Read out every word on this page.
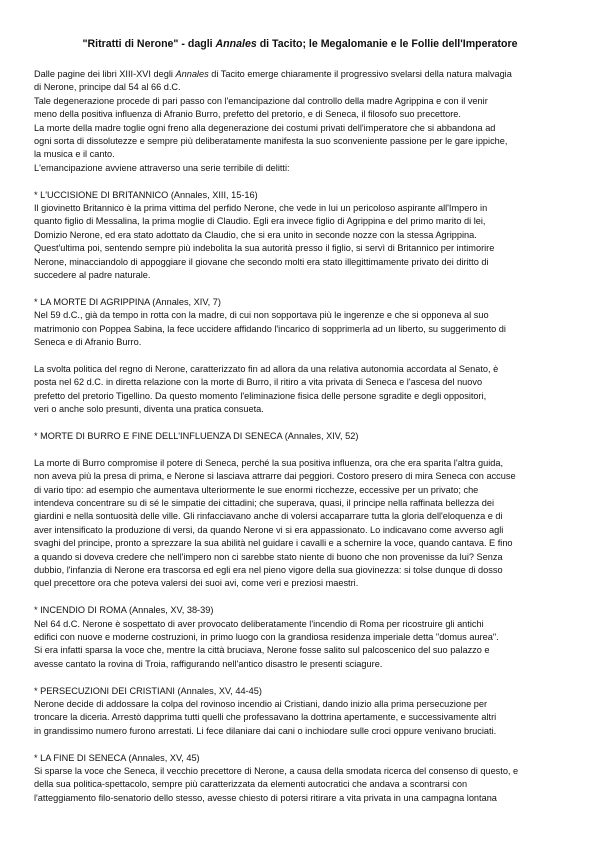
"Ritratti di Nerone" - dagli Annales di Tacito; le Megalomanie e le Follie dell'Imperatore

Dalle pagine dei libri XIII-XVI degli Annales di Tacito emerge chiaramente il progressivo svelarsi della natura malvagia
di Nerone, principe dal 54 al 66 d.C.
Tale degenerazione procede di pari passo con l'emancipazione dal controllo della madre Agrippina e con il venir
meno della positiva influenza di Afranio Burro, prefetto del pretorio, e di Seneca, il filosofo suo precettore.
La morte della madre toglie ogni freno alla degenerazione dei costumi privati dell'imperatore che si abbandona ad
ogni sorta di dissolutezze e sempre più deliberatamente manifesta la suo sconveniente passione per le gare ippiche,
la musica e il canto.
L'emancipazione avviene attraverso una serie terribile di delitti:

* L'UCCISIONE DI BRITANNICO (Annales, XIII, 15-16)
Il giovinetto Britannico è la prima vittima del perfido Nerone, che vede in lui un pericoloso aspirante all'Impero in
quanto figlio di Messalina, la prima moglie di Claudio. Egli era invece figlio di Agrippina e del primo marito di lei,
Domizio Nerone, ed era stato adottato da Claudio, che si era unito in seconde nozze con la stessa Agrippina.
Quest'ultima poi, sentendo sempre più indebolita la sua autorità presso il figlio, si servì di Britannico per intimorire
Nerone, minacciandolo di appoggiare il giovane che secondo molti era stato illegittimamente privato dei diritto di
succedere al padre naturale.

* LA MORTE DI AGRIPPINA (Annales, XIV, 7)
Nel 59 d.C., già da tempo in rotta con la madre, di cui non sopportava più le ingerenze e che si opponeva al suo
matrimonio con Poppea Sabina, la fece uccidere affidando l'incarico di sopprimerla ad un liberto, su suggerimento di
Seneca e di Afranio Burro.

La svolta politica del regno di Nerone, caratterizzato fin ad allora da una relativa autonomia accordata al Senato, è
posta nel 62 d.C. in diretta relazione con la morte di Burro, il ritiro a vita privata di Seneca e l'ascesa del nuovo
prefetto del pretorio Tigellino. Da questo momento l'eliminazione fisica delle persone sgradite e degli oppositori,
veri o anche solo presunti, diventa una pratica consueta.

* MORTE DI BURRO E FINE DELL'INFLUENZA DI SENECA (Annales, XIV, 52)

La morte di Burro compromise il potere di Seneca, perché la sua positiva influenza, ora che era sparita l'altra guida,
non aveva più la presa di prima, e Nerone si lasciava attrarre dai peggiori. Costoro presero di mira Seneca con accuse
di vario tipo: ad esempio che aumentava ulteriormente le sue enormi ricchezze, eccessive per un privato; che
intendeva concentrare su di sé le simpatie dei cittadini; che superava, quasi, il principe nella raffinata bellezza dei
giardini e nella sontuosità delle ville. Gli rinfacciavano anche di volersi accaparrare tutta la gloria dell'eloquenza e di
aver intensificato la produzione di versi, da quando Nerone vi si era appassionato. Lo indicavano come avverso agli
svaghi del principe, pronto a sprezzare la sua abilità nel guidare i cavalli e a schernire la voce, quando cantava. E fino
a quando si doveva credere che nell'impero non ci sarebbe stato niente di buono che non provenisse da lui? Senza
dubbio, l'infanzia di Nerone era trascorsa ed egli era nel pieno vigore della sua giovinezza: si tolse dunque di dosso
quel precettore ora che poteva valersi dei suoi avi, come veri e preziosi maestri.

* INCENDIO DI ROMA (Annales, XV, 38-39)
Nel 64 d.C. Nerone è sospettato di aver provocato deliberatamente l'incendio di Roma per ricostruire gli antichi
edifici con nuove e moderne costruzioni, in primo luogo con la grandiosa residenza imperiale detta "domus aurea".
Si era infatti sparsa la voce che, mentre la città bruciava, Nerone fosse salito sul palcoscenico del suo palazzo e
avesse cantato la rovina di Troia, raffigurando nell'antico disastro le presenti sciagure.

* PERSECUZIONI DEI CRISTIANI (Annales, XV, 44-45)
Nerone decide di addossare la colpa del rovinoso incendio ai Cristiani, dando inizio alla prima persecuzione per
troncare la diceria. Arrestò dapprima tutti quelli che professavano la dottrina apertamente, e successivamente altri
in grandissimo numero furono arrestati. Li fece dilaniare dai cani o inchiodare sulle croci oppure venivano bruciati.

* LA FINE DI SENECA (Annales, XV, 45)
Si sparse la voce che Seneca, il vecchio precettore di Nerone, a causa della smodata ricerca del consenso di questo, e
della sua politica-spettacolo, sempre più caratterizzata da elementi autocratici che andava a scontrarsi con
l'atteggiamento filo-senatorio dello stesso, avesse chiesto di potersi ritirare a vita privata in una campagna lontana
